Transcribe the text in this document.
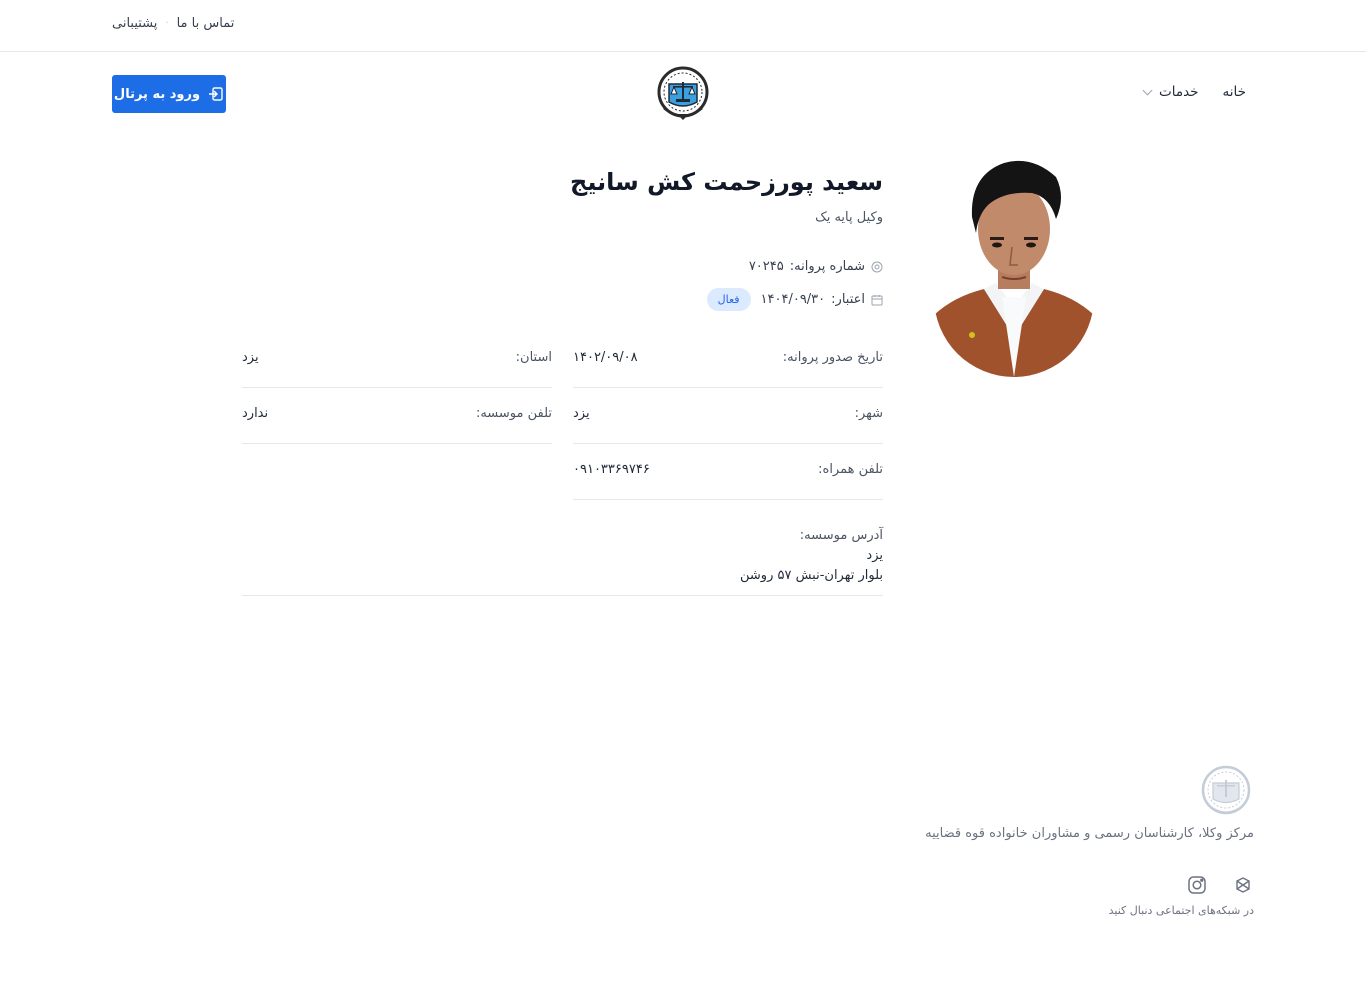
پشتیبانی · تماس با ما
خانه
خدمات
ورود به پرتال
سعید پورزحمت کش سانیج
وکیل پایه یک
شماره پروانه:
۷۰۲۴۵
اعتبار:
۱۴۰۴/۰۹/۳۰
فعال
تاریخ صدور پروانه:
۱۴۰۲/۰۹/۰۸
استان:
یزد
شهر:
یزد
تلفن موسسه:
ندارد
تلفن همراه:
۰۹۱۰۳۳۶۹۷۴۶
آدرس موسسه:
یزد
بلوار تهران-نبش ۵۷ روشن
مرکز وکلا، کارشناسان رسمی و مشاوران خانواده قوه قضاییه
در شبکه‌های اجتماعی دنبال کنید
